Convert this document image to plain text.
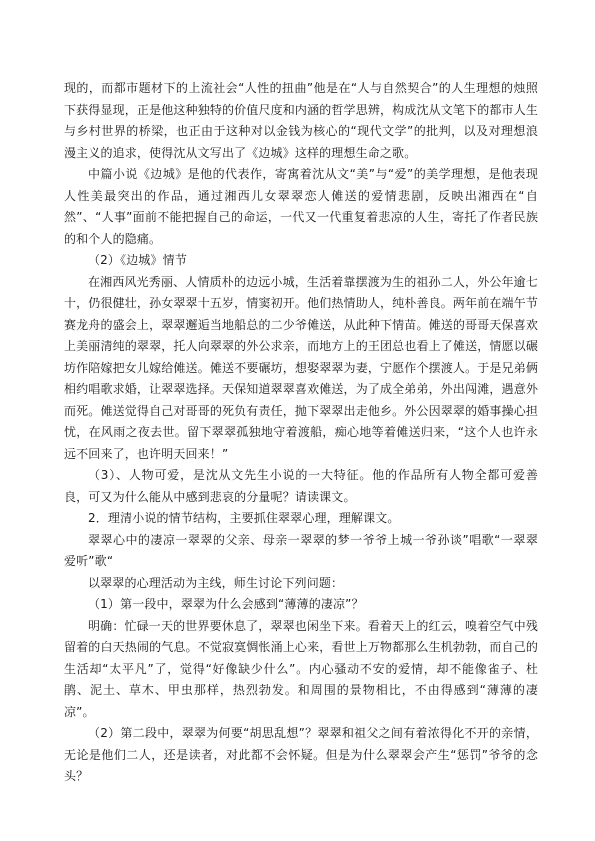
现的，而都市题材下的上流社会“人性的扭曲”他是在“人与自然契合”的人生理想的烛照下获得显现，正是他这种独特的价值尺度和内涵的哲学思辨，构成沈从文笔下的都市人生与乡村世界的桥梁，也正由于这种对以金钱为核心的“现代文学”的批判，以及对理想浪漫主义的追求，使得沈从文写出了《边城》这样的理想生命之歌。

中篇小说《边城》是他的代表作，寄寓着沈从文“美”与“爱”的美学理想，是他表现人性美最突出的作品，通过湘西儿女翠翠恋人傩送的爱情悲剧，反映出湘西在“自然”、“人事”面前不能把握自己的命运，一代又一代重复着悲凉的人生，寄托了作者民族的和个人的隐痛。

（2）《边城》情节

在湘西风光秀丽、人情质朴的边远小城，生活着靠摆渡为生的祖孙二人，外公年逾七十，仍很健壮，孙女翠翠十五岁，情窦初开。他们热情助人，纯朴善良。两年前在端午节赛龙舟的盛会上，翠翠邂逅当地船总的二少爷傩送，从此种下情苗。傩送的哥哥天保喜欢上美丽清纯的翠翠，托人向翠翠的外公求亲，而地方上的王团总也看上了傩送，情愿以碾坊作陪嫁把女儿嫁给傩送。傩送不要碾坊，想娶翠翠为妻，宁愿作个摆渡人。于是兄弟俩相约唱歌求婚，让翠翠选择。天保知道翠翠喜欢傩送，为了成全弟弟，外出闯滩，遇意外而死。傩送觉得自己对哥哥的死负有责任，抛下翠翠出走他乡。外公因翠翠的婚事操心担忧，在风雨之夜去世。留下翠翠孤独地守着渡船，痴心地等着傩送归来，“这个人也许永远不回来了，也许明天回来！”

（3）、人物可爱，是沈从文先生小说的一大特征。他的作品所有人物全都可爱善良，可又为什么能从中感到悲哀的分量呢？请读课文。

2．理清小说的情节结构，主要抓住翠翠心理，理解课文。

翠翠心中的凄凉一翠翠的父亲、母亲一翠翠的梦一爷爷上城一爷孙谈”唱歌“一翠翠爱听”歌“

以翠翠的心理活动为主线，师生讨论下列问题：

（1）第一段中，翠翠为什么会感到“薄薄的凄凉”？

明确：忙碌一天的世界要休息了，翠翠也闲坐下来。看着天上的红云，嗅着空气中残留着的白天热闹的气息。不觉寂寞惆怅涌上心来，看世上万物都那么生机勃勃，而自己的生活却“太平凡”了，觉得“好像缺少什么”。内心骚动不安的爱情，却不能像雀子、杜鹃、泥土、草木、甲虫那样，热烈勃发。和周围的景物相比，不由得感到“薄薄的凄凉”。

（2）第二段中，翠翠为何要“胡思乱想”？翠翠和祖父之间有着浓得化不开的亲情，无论是他们二人，还是读者，对此都不会怀疑。但是为什么翠翠会产生“惩罚”爷爷的念头？
